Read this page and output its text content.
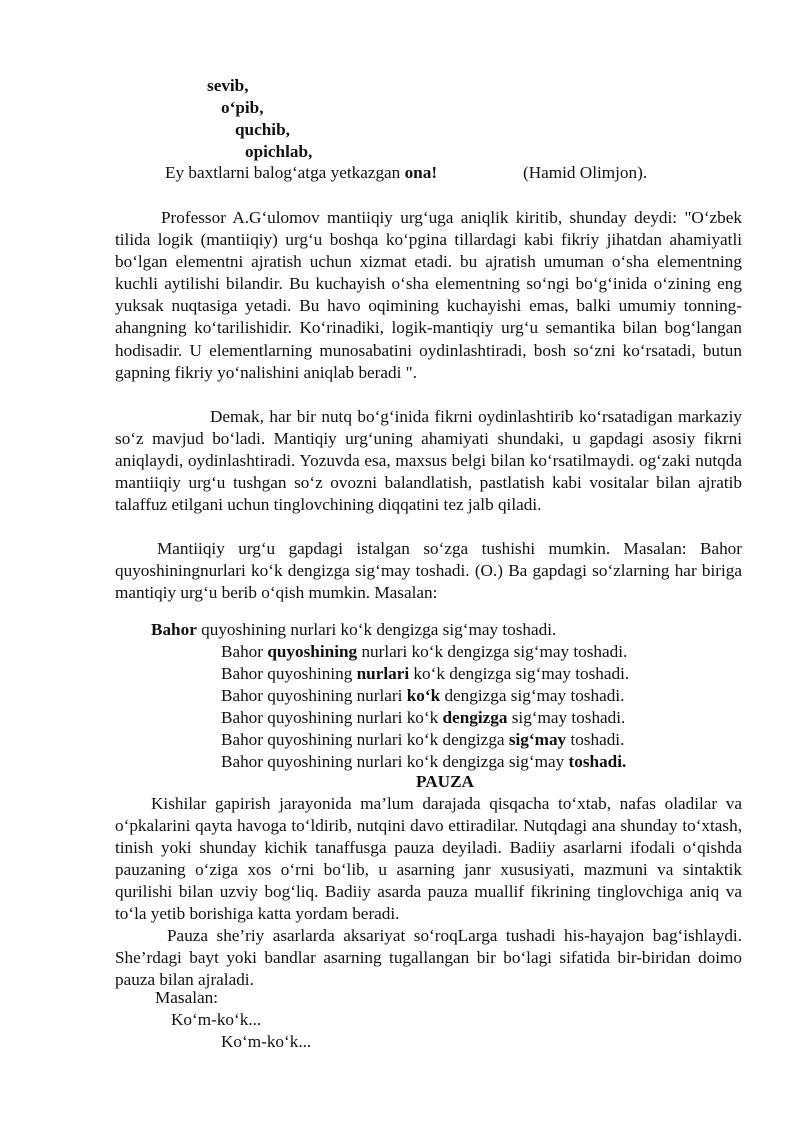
sevib,
o‘pib,
quchib,
opichlab,
Ey baxtlarni balog‘atga yetkazgan ona!	(Hamid Olimjon).
Professor A.G‘ulomov mantiiqiy urg‘uga aniqlik kiritib, shunday deydi: "O‘zbek tilida logik (mantiiqiy) urg‘u boshqa ko‘pgina tillardagi kabi fikriy jihatdan ahamiyatli bo‘lgan elementni ajratish uchun xizmat etadi. bu ajratish umuman o‘sha elementning kuchli aytilishi bilandir. Bu kuchayish o‘sha elementning so‘ngi bo‘g‘inida o‘zining eng yuksak nuqtasiga yetadi. Bu havo oqimining kuchayishi emas, balki umumiy tonning-ahangning ko‘tarilishidir. Ko‘rinadiki, logik-mantiqiy urg‘u semantika bilan bog‘langan hodisadir. U elementlarning munosabatini oydinlashtiradi, bosh so‘zni ko‘rsatadi, butun gapning fikriy yo‘nalishini aniqlab beradi ".
Demak, har bir nutq bo‘g‘inida fikrni oydinlashtirib ko‘rsatadigan markaziy so‘z mavjud bo‘ladi. Mantiqiy urg‘uning ahamiyati shundaki, u gapdagi asosiy fikrni aniqlaydi, oydinlashtiradi. Yozuvda esa, maxsus belgi bilan ko‘rsatilmaydi. og‘zaki nutqda mantiiqiy urg‘u tushgan so‘z ovozni balandlatish, pastlatish kabi vositalar bilan ajratib talaffuz etilgani uchun tinglovchining diqqatini tez jalb qiladi.
Mantiiqiy urg‘u gapdagi istalgan so‘zga tushishi mumkin. Masalan: Bahor quyoshiningnurlari ko‘k dengizga sig‘may toshadi. (O.) Ba gapdagi so‘zlarning har biriga mantiqiy urg‘u berib o‘qish mumkin. Masalan:
Bahor quyoshining nurlari ko‘k dengizga sig‘may toshadi.
Bahor quyoshining nurlari ko‘k dengizga sig‘may toshadi.
Bahor quyoshining nurlari ko‘k dengizga sig‘may toshadi.
Bahor quyoshining nurlari ko‘k dengizga sig‘may toshadi.
Bahor quyoshining nurlari ko‘k dengizga sig‘may toshadi.
Bahor quyoshining nurlari ko‘k dengizga sig‘may toshadi.
Bahor quyoshining nurlari ko‘k dengizga sig‘may toshadi.
PAUZA
Kishilar gapirish jarayonida ma’lum darajada qisqacha to‘xtab, nafas oladilar va o‘pkalarini qayta havoga to‘ldirib, nutqini davo ettiradilar. Nutqdagi ana shunday to‘xtash, tinish yoki shunday kichik tanaffusga pauza deyiladi. Badiiy asarlarni ifodali o‘qishda pauzaning o‘ziga xos o‘rni bo‘lib, u asarning janr xususiyati, mazmuni va sintaktik qurilishi bilan uzviy bog‘liq. Badiiy asarda pauza muallif fikrining tinglovchiga aniq va to‘la yetib borishiga katta yordam beradi.
Pauza she’riy asarlarda aksariyat so‘roqLarga tushadi his-hayajon bag‘ishlaydi. She’rdagi bayt yoki bandlar asarning tugallangan bir bo‘lagi sifatida bir-biridan doimo pauza bilan ajraladi.
Masalan:
Ko‘m-ko‘k...
Ko‘m-ko‘k...
